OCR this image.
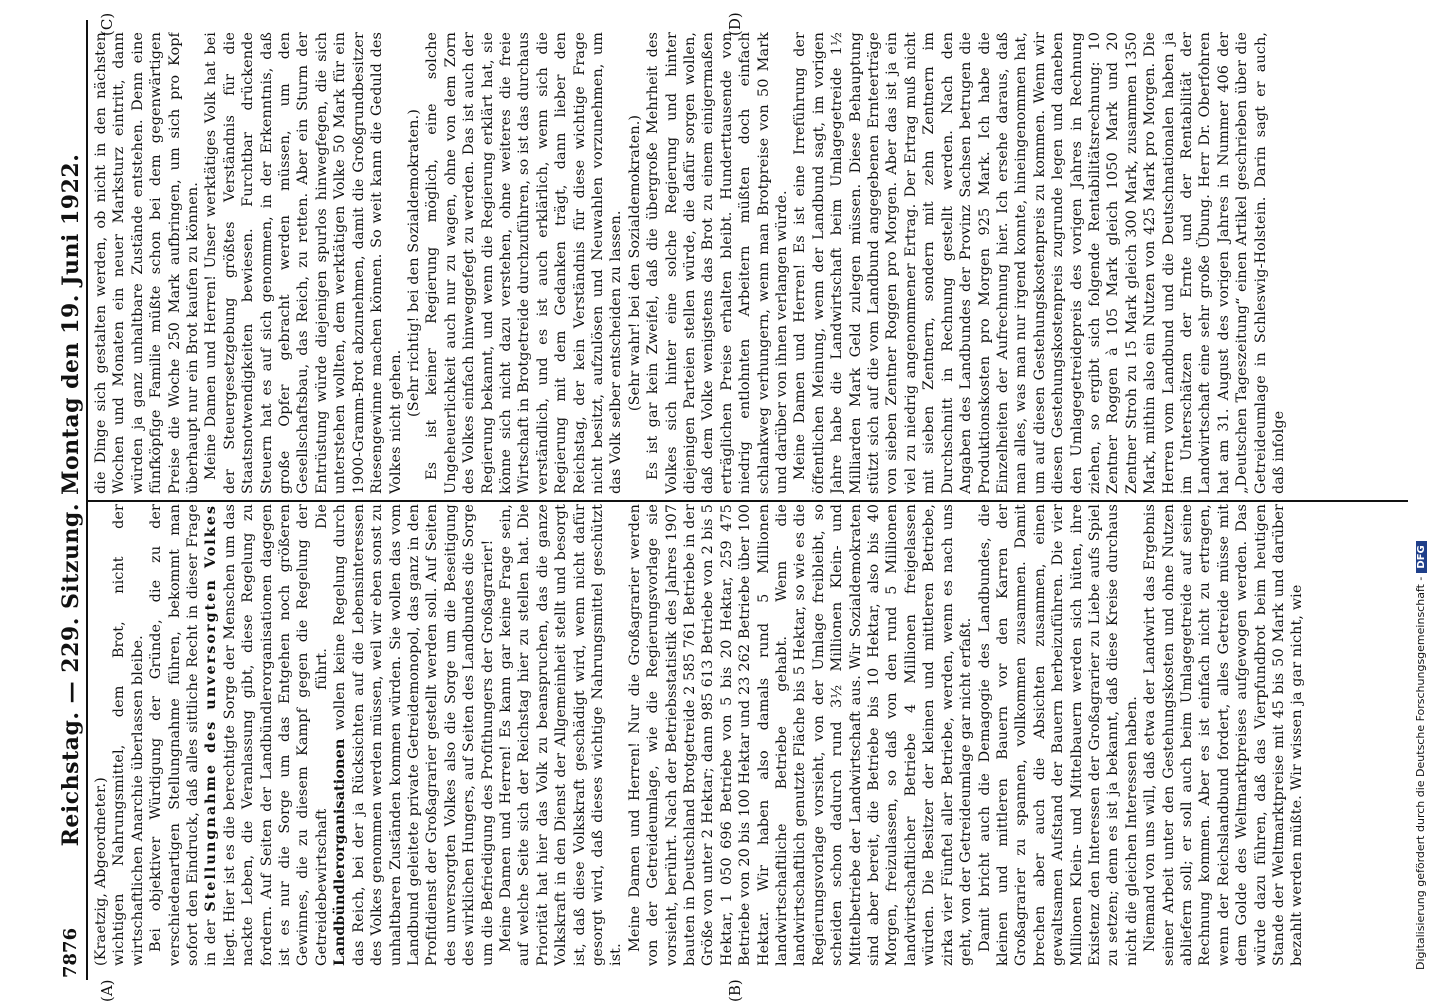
7876
Reichstag. — 229. Sitzung. Montag den 19. Juni 1922.
(A)	(B)
(C)	(D)

(Kraetzig, Abgeordneter.) wichtigen Nahrungsmittel, dem Brot, nicht der wirtschaftlichen Anarchie überlassen bleibe. Bei objektiver Würdigung der Gründe, die zu der verschiedenartigen Stellungnahme führen, bekommt man sofort den Eindruck, daß alles sittliche Recht in dieser Frage in der Stellungnahme des unversorgten Volkes liegt. Hier ist es die berechtigte Sorge der Menschen um das nackte Leben, die Veranlassung gibt, diese Regelung zu fordern. Auf Seiten der Landbündlerorganisationen dagegen ist es nur die Sorge um das Entgehen noch größeren Gewinnes, die zu diesem Kampf gegen die Regelung der Getreidebewirtschaft führt. Die Landbündlerorganisationen wollen keine Regelung durch das Reich, bei der ja Rücksichten auf die Lebensinteressen des Volkes genommen werden müssen, weil wir eben sonst zu unhaltbaren Zuständen kommen würden. Sie wollen das vom Landbund geleitete private Getreidemonopol, das ganz in den Profitdienst der Großagrarier gestellt werden soll. Auf Seiten des unversorgten Volkes also die Sorge um die Beseitigung des wirklichen Hungers, auf Seiten des Landbundes die Sorge um die Befriedigung des Profithungers der Großagrarier! Meine Damen und Herren! Es kann gar keine Frage sein, auf welche Seite sich der Reichstag hier zu stellen hat. Die Priorität hat hier das Volk zu beanspruchen, das die ganze Volkskraft in den Dienst der Allgemeinheit stellt und besorgt ist, daß diese Volkskraft geschädigt wird, wenn nicht dafür gesorgt wird, daß dieses wichtige Nahrungsmittel geschützt ist.

Meine Damen und Herren! Nur die Großagrarier werden von der Getreideumlage, wie die Regierungsvorlage sie vorsieht, berührt. Nach der Betriebsstatistik des Jahres 1907 bauten in Deutschland Brotgetreide 2 585 761 Betriebe in der Größe von unter 2 Hektar; dann 985 613 Betriebe von 2 bis 5 Hektar, 1 050 696 Betriebe von 5 bis 20 Hektar, 259 475 Betriebe von 20 bis 100 Hektar und 23 262 Betriebe über 100 Hektar. Wir haben also damals rund 5 Millionen landwirtschaftliche Betriebe gehabt. Wenn die landwirtschaftlich genutzte Fläche bis 5 Hektar, so wie es die Regierungsvorlage vorsieht, von der Umlage freibleibt, so scheiden schon dadurch rund 3½ Millionen Klein- und Mittelbetriebe der Landwirtschaft aus. Wir Sozialdemokraten sind aber bereit, die Betriebe bis 10 Hektar, also bis 40 Morgen, freizulassen, so daß von den rund 5 Millionen landwirtschaftlicher Betriebe 4 Millionen freigelassen würden. Die Besitzer der kleinen und mittleren Betriebe, zirka vier Fünftel aller Betriebe, werden, wenn es nach uns geht, von der Getreideumlage gar nicht erfaßt. Damit bricht auch die Demagogie des Landbundes, die kleinen und mittleren Bauern vor den Karren der Großagrarier zu spannen, vollkommen zusammen. Damit brechen aber auch die Absichten zusammen, einen gewaltsamen Aufstand der Bauern herbeizuführen. Die vier Millionen Klein- und Mittelbauern werden sich hüten, ihre Existenz den Interessen der Großagrarier zu Liebe aufs Spiel zu setzen; denn es ist ja bekannt, daß diese Kreise durchaus nicht die gleichen Interessen haben. Niemand von uns will, daß etwa der Landwirt das Ergebnis seiner Arbeit unter den Gestehungskosten und ohne Nutzen abliefern soll; er soll auch beim Umlagegetreide auf seine Rechnung kommen. Aber es ist einfach nicht zu ertragen, wenn der Reichslandbund fordert, alles Getreide müsse mit dem Golde des Weltmarktpreises aufgewogen werden. Das würde dazu führen, daß das Vierpfundbrot beim heutigen Stande der Weltmarktpreise mit 45 bis 50 Mark und darüber bezahlt werden müßte. Wir wissen ja gar nicht, wie

die Dinge sich gestalten werden, ob nicht in den nächsten Wochen und Monaten ein neuer Marksturz eintritt, dann würden ja ganz unhaltbare Zustände entstehen. Denn eine fünfköpfige Familie müßte schon bei dem gegenwärtigen Preise die Woche 250 Mark aufbringen, um sich pro Kopf überhaupt nur ein Brot kaufen zu können. Meine Damen und Herren! Unser werktätiges Volk hat bei der Steuergesetzgebung größtes Verständnis für die Staatsnotwendigkeiten bewiesen. Furchtbar drückende Steuern hat es auf sich genommen, in der Erkenntnis, daß große Opfer gebracht werden müssen, um den Gesellschaftsbau, das Reich, zu retten. Aber ein Sturm der Entrüstung würde diejenigen spurlos hinwegfegen, die sich unterstehen wollten, dem werktätigen Volke 50 Mark für ein 1900-Gramm-Brot abzunehmen, damit die Großgrundbesitzer Riesengewinne machen können. So weit kann die Geduld des Volkes nicht gehen.

(Sehr richtig! bei den Sozialdemokraten.) Es ist keiner Regierung möglich, eine solche Ungeheuerlichkeit auch nur zu wagen, ohne von dem Zorn des Volkes einfach hinweggefegt zu werden. Das ist auch der Regierung bekannt, und wenn die Regierung erklärt hat, sie könne sich nicht dazu verstehen, ohne weiteres die freie Wirtschaft in Brotgetreide durchzuführen, so ist das durchaus verständlich, und es ist auch erklärlich, wenn sich die Regierung mit dem Gedanken trägt, dann lieber den Reichstag, der kein Verständnis für diese wichtige Frage nicht besitzt, aufzulösen und Neuwahlen vorzunehmen, um das Volk selber entscheiden zu lassen. (Sehr wahr! bei den Sozialdemokraten.) Es ist gar kein Zweifel, daß die übergroße Mehrheit des Volkes sich hinter eine solche Regierung und hinter diejenigen Parteien stellen würde, die dafür sorgen wollen, daß dem Volke wenigstens das Brot zu einem einigermaßen erträglichen Preise erhalten bleibt. Hunderttausende von niedrig entlohnten Arbeitern müßten doch einfach schlankweg verhungern, wenn man Brotpreise von 50 Mark und darüber von ihnen verlangen würde. Meine Damen und Herren! Es ist eine Irreführung der öffentlichen Meinung, wenn der Landbund sagt, im vorigen Jahre habe die Landwirtschaft beim Umlagegetreide 1½ Milliarden Mark Geld zulegen müssen. Diese Behauptung stützt sich auf die vom Landbund angegebenen Ernteerträge von sieben Zentner Roggen pro Morgen. Aber das ist ja ein viel zu niedrig angenommener Ertrag. Der Ertrag muß nicht mit sieben Zentnern, sondern mit zehn Zentnern im Durchschnitt in Rechnung gestellt werden. Nach den Angaben des Landbundes der Provinz Sachsen betrugen die Produktionskosten pro Morgen 925 Mark. Ich habe die Einzelheiten der Aufrechnung hier. Ich ersehe daraus, daß man alles, was man nur irgend konnte, hineingenommen hat, um auf diesen Gestehungskostenpreis zu kommen. Wenn wir diesen Gestehungskostenpreis zugrunde legen und daneben den Umlagegetreidepreis des vorigen Jahres in Rechnung ziehen, so ergibt sich folgende Rentabilitätsrechnung: 10 Zentner Roggen à 105 Mark gleich 1050 Mark und 20 Zentner Stroh zu 15 Mark gleich 300 Mark, zusammen 1350 Mark, mithin also ein Nutzen von 425 Mark pro Morgen. Die Herren vom Landbund und die Deutschnationalen haben ja im Unterschätzen der Ernte und der Rentabilität der Landwirtschaft eine sehr große Übung. Herr Dr. Oberfohren hat am 31. August des vorigen Jahres in Nummer 406 der „Deutschen Tageszeitung“ einen Artikel geschrieben über die Getreideumlage in Schleswig-Holstein. Darin sagt er auch, daß infolge

Digitalisierung gefördert durch die Deutsche Forschungsgemeinschaft -DFG
